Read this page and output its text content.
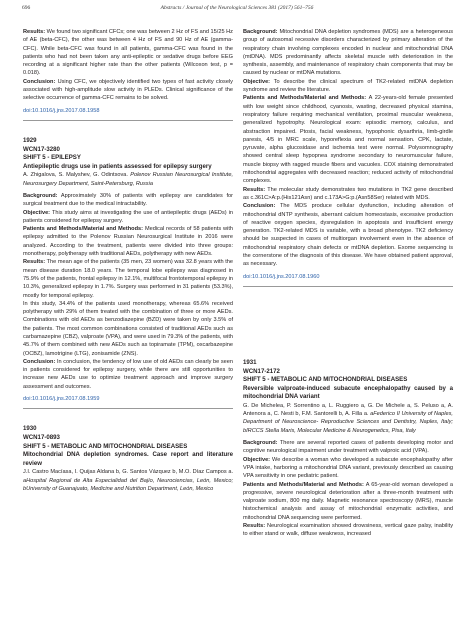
696	Abstracts / Journal of the Neurological Sciences 381 (2017) 561–756

Results: We found two significant CFCs; one was between 2 Hz of FS and 15/25 Hz of AE (beta-CFC), the other was between 4 Hz of FS and 90 Hz of AE (gamma-CFC). While beta-CFC was found in all patients, gamma-CFC was found in the patients who had not been taken any anti-epileptic or sedative drugs before EEG recording at a significant higher rate than the other patients (Wilcoxon test, p = 0.018).

Conclusion: Using CFC, we objectively identified two types of fast activity closely associated with high-amplitude slow activity in PLEDs. Clinical significance of the selective occurrence of gamma-CFC remains to be solved.

doi:10.1016/j.jns.2017.08.1958

1929

WCN17-3280

SHIFT 5 - EPILEPSY

Antiepileptic drugs use in patients assessed for epilepsy surgery

A. Zhigalova, S. Malyshev, G. Odintsova. Polenov Russian Neurosurgical Institute, Neurosurgery Department, Saint-Petersburg, Russia

Background: Approximately 30% of patients with epilepsy are candidates for surgical treatment due to the medical intractability.

Objective: This study aims at investigating the use of antiepileptic drugs (AEDs) in patients considered for epilepsy surgery.

Patients and Methods/Material and Methods: Medical records of 58 patients with epilepsy admitted to the Polenov Russian Neurosurgical Institute in 2016 were analyzed. According to the treatment, patients were divided into three groups: monotherapy, polytherapy with traditional AEDs, polytherapy with new AEDs.

Results: The mean age of the patients (35 men, 23 women) was 32.8 years with the mean disease duration 18.0 years. The temporal lobe epilepsy was diagnosed in 75.9% of the patients, frontal epilepsy in 12.1%, multifocal frontotemporal epilepsy in 10.3%, generalized epilepsy in 1.7%. Surgery was performed in 31 patients (53.3%), mostly for temporal epilepsy.

In this study, 34.4% of the patients used monotherapy, whereas 65.6% received polytherapy with 29% of them treated with the combination of three or more AEDs. Combinations with old AEDs as benzodiazepine (BZD) were taken by only 3.5% of the patients. The most common combinations consisted of traditional AEDs such as carbamazepine (CBZ), valproate (VPA), and were used in 79.3% of the patients, with 45.7% of them combined with new AEDs such as topiramate (TPM), oxcarbazepine (OCBZ), lamotrigine (LTG), zonisamide (ZNS).

Conclusion: In conclusion, the tendency of low use of old AEDs can clearly be seen in patients considered for epilepsy surgery, while there are still opportunities to increase new AEDs use to optimize treatment approach and improve surgery assessment and outcomes.

doi:10.1016/j.jns.2017.08.1959

1930

WCN17-0893

SHIFT 5 - METABOLIC AND MITOCHONDRIAL DISEASES

Mitochondrial DNA depletion syndromes. Case report and literature review

J.I. Castro Macíasa, I. Quijas Aldana b, G. Santos Vázquez b, M.O. Díaz Campos a. aHospital Regional de Alta Especialidad del Bajío, Neurociencias, León, Mexico; bUniversity of Guanajuato, Medicine and Nutrition Department, León, Mexico

Background: Mitochondrial DNA depletion syndromes (MDS) are a heterogeneous group of autosomal recessive disorders characterized by primary alteration of the respiratory chain involving complexes encoded in nuclear and mitochondrial DNA (mtDNA). MDS predominantly affects skeletal muscle with deterioration in the synthesis, assembly, and maintenance of respiratory chain components that may be caused by nuclear or mtDNA mutations.

Objective: To describe the clinical spectrum of TK2-related mtDNA depletion syndrome and review the literature.

Patients and Methods/Material and Methods: A 22-years-old female presented with low weight since childhood, cyanosis, wasting, decreased physical stamina, respiratory failure requiring mechanical ventilation, proximal muscular weakness, generalized hypotrophy. Neurological exam: episodic memory, calculus, and abstraction impaired. Ptosis, facial weakness, hypophonic dysarthria, limb-girdle paresis, 4/5 in MRC scale, hyporeflexia and normal sensation. CPK, lactate, pyruvate, alpha glucosidase and ischemia test were normal. Polysomnography showed central sleep hypopnea syndrome secondary to neuromuscular failure, muscle biopsy with ragged muscle fibers and vacuoles. COX staining demonstrated mitochondrial aggregates with decreased reaction; reduced activity of mitochondrial complexes.

Results: The molecular study demonstrates two mutations in TK2 gene described as c.361C>A:p.(His121Asn) and c.173A>G:p.(Asn58Ser) related with MDS.

Conclusion: The MDS produce cellular dysfunction, including alteration of mitochondrial dNTP synthesis, aberrant calcium homeostasis, excessive production of reactive oxygen species, dysregulation in apoptosis and insufficient energy generation. TK2-related MDS is variable, with a broad phenotype. TK2 deficiency should be suspected in cases of multiorgan involvement even in the absence of mitochondrial respiratory chain defects or mtDNA depletion. Exome sequencing is the cornerstone of the diagnosis of this disease. We have obtained patient approval, as necessary.

doi:10.1016/j.jns.2017.08.1960

1931

WCN17-2172

SHIFT 5 - METABOLIC AND MITOCHONDRIAL DISEASES

Reversible valproate-induced subacute encephalopathy caused by a mitochondrial DNA variant

G. De Michelea, P. Sorrentino a, L. Ruggiero a, G. De Michele a, S. Peluso a, A. Antenora a, C. Nesti b, F.M. Santorelli b, A. Filla a. aFederico II University of Naples, Department of Neuroscience- Reproductive Sciences and Dentistry, Naples, Italy; bIRCCS Stella Maris, Molecular Medicine & Neurogenetics, Pisa, Italy

Background: There are several reported cases of patients developing motor and cognitive neurological impairment under treatment with valproic acid (VPA).

Objective: We describe a woman who developed a subacute encephalopathy after VPA intake, harboring a mitochondrial DNA variant, previously described as causing VPA sensitivity in one pediatric patient.

Patients and Methods/Material and Methods: A 65-year-old woman developed a progressive, severe neurological deterioration after a three-month treatment with valproate sodium, 800 mg daily. Magnetic resonance spectroscopy (MRS), muscle histochemical analysis and assay of mitochondrial enzymatic activities, and mitochondrial DNA sequencing were performed.

Results: Neurological examination showed drowsiness, vertical gaze palsy, inability to either stand or walk, diffuse weakness, increased
